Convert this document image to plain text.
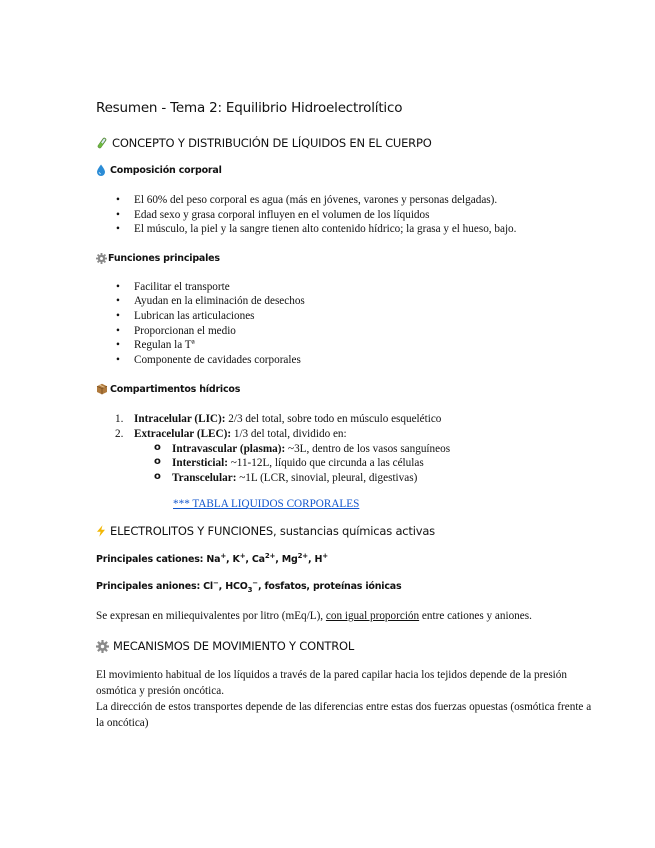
Resumen - Tema 2: Equilibrio Hidroelectrolítico
CONCEPTO Y DISTRIBUCIÓN DE LÍQUIDOS EN EL CUERPO
Composición corporal
• El 60% del peso corporal es agua (más en jóvenes, varones y personas delgadas).
• Edad sexo y grasa corporal influyen en el volumen de los líquidos
• El músculo, la piel y la sangre tienen alto contenido hídrico; la grasa y el hueso, bajo.
Funciones principales
• Facilitar el transporte
• Ayudan en la eliminación de desechos
• Lubrican las articulaciones
• Proporcionan el medio
• Regulan la Tª
• Componente de cavidades corporales
Compartimentos hídricos
1. Intracelular (LIC): 2/3 del total, sobre todo en músculo esquelético
2. Extracelular (LEC): 1/3 del total, dividido en:
o Intravascular (plasma): ~3L, dentro de los vasos sanguíneos
o Intersticial: ~11-12L, líquido que circunda a las células
o Transcelular: ~1L (LCR, sinovial, pleural, digestivas)
*** TABLA LIQUIDOS CORPORALES
ELECTROLITOS Y FUNCIONES, sustancias químicas activas
Principales cationes: Na+, K+, $Ca^{2+}$, $Mg^{2+}$, H+
Principales aniones: Cl−, $HCO_3^-$, fosfatos, proteínas iónicas

Se expresan en miliequivalentes por litro (mEq/L), con igual proporción entre cationes y aniones.

MECANISMOS DE MOVIMIENTO Y CONTROL

El movimiento habitual de los líquidos a través de la pared capilar hacia los tejidos depende de la presión osmótica y presión oncótica.

La dirección de estos transportes depende de las diferencias entre estas dos fuerzas opuestas (osmótica frente a la oncótica)
